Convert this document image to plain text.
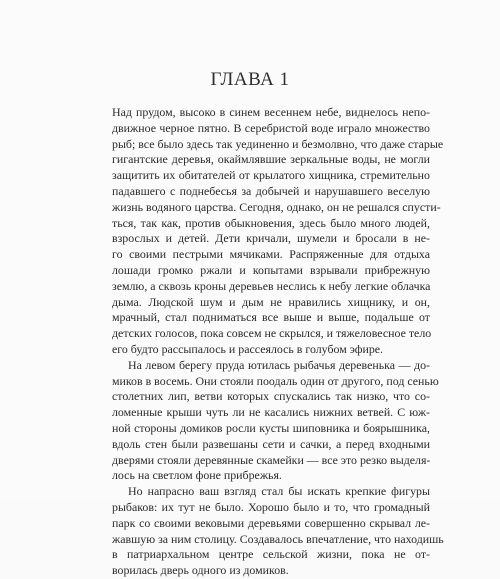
ГЛАВА 1
Над прудом, высоко в синем весеннем небе, виднелось непо-
движное черное пятно. В серебристой воде играло множество
рыб; все было здесь так уединенно и безмолвно, что даже старые
гигантские деревья, окаймлявшие зеркальные воды, не могли
защитить их обитателей от крылатого хищника, стремительно
падавшего с поднебесья за добычей и нарушавшего веселую
жизнь водяного царства. Сегодня, однако, он не решался спусти-
ться, так как, против обыкновения, здесь было много людей,
взрослых и детей. Дети кричали, шумели и бросали в не-
го своими пестрыми мячиками. Распряженные для отдыха
лошади громко ржали и копытами взрывали прибрежную
землю, а сквозь кроны деревьев неслись к небу легкие облачка
дыма. Людской шум и дым не нравились хищнику, и он,
мрачный, стал подниматься все выше и выше, подальше от
детских голосов, пока совсем не скрылся, и тяжеловесное тело
его будто рассыпалось и рассеялось в голубом эфире.
На левом берегу пруда ютилась рыбачья деревенька — до-
миков в восемь. Они стояли поодаль один от другого, под сенью
столетних лип, ветви которых спускались так низко, что со-
ломенные крыши чуть ли не касались нижних ветвей. С юж-
ной стороны домиков росли кусты шиповника и боярышника,
вдоль стен были развешаны сети и сачки, а перед входными
дверями стояли деревянные скамейки — все это резко выделя-
лось на светлом фоне прибрежья.
Но напрасно ваш взгляд стал бы искать крепкие фигуры
рыбаков: их тут не было. Хорошо было и то, что громадный
парк со своими вековыми деревьями совершенно скрывал ле-
жавшую за ним столицу. Создавалось впечатление, что находишь
в патриархальном центре сельской жизни, пока не от-
ворилась дверь одного из домиков.
